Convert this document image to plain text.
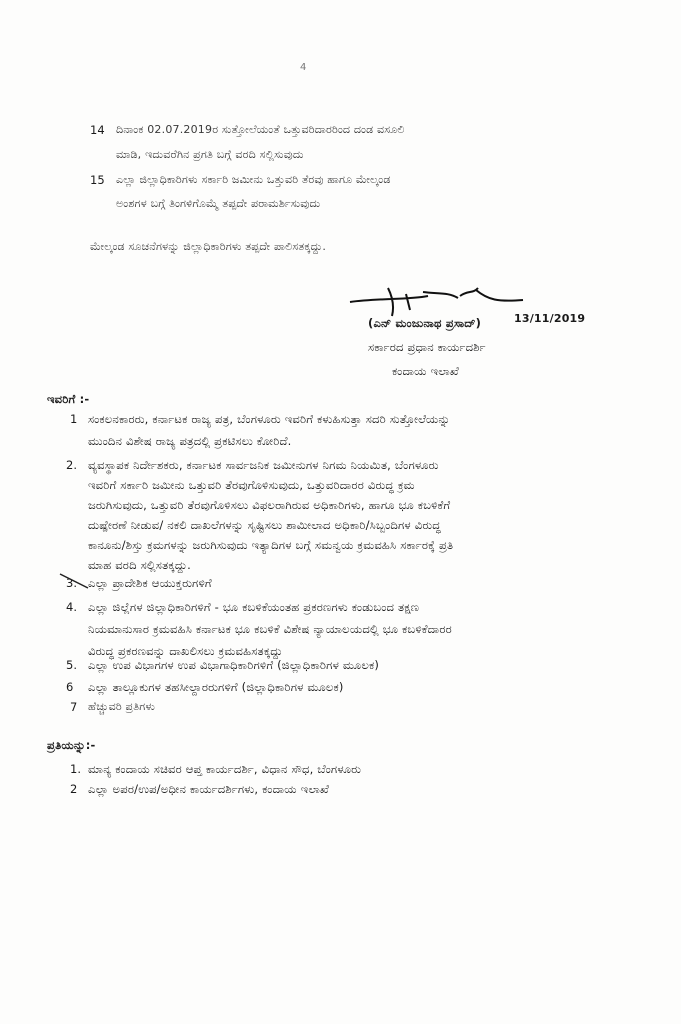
4
14 ದಿನಾಂಕ 02.07.2019ರ ಸುತ್ತೋಲೆಯಂತೆ ಒತ್ತುವರಿದಾರರಿಂದ ದಂಡ ವಸೂಲಿ
ಮಾಡಿ, ಇದುವರೆಗಿನ ಪ್ರಗತಿ ಬಗ್ಗೆ ವರದಿ ಸಲ್ಲಿಸುವುದು
15 ಎಲ್ಲಾ ಜಿಲ್ಲಾಧಿಕಾರಿಗಳು ಸರ್ಕಾರಿ ಜಮೀನು ಒತ್ತುವರಿ ತೆರವು ಹಾಗೂ ಮೇಲ್ಕಂಡ
ಅಂಶಗಳ ಬಗ್ಗೆ ತಿಂಗಳಿಗೊಮ್ಮೆ ತಪ್ಪದೇ ಪರಾಮರ್ಶಿಸುವುದು
ಮೇಲ್ಕಂಡ ಸೂಚನೆಗಳನ್ನು ಜಿಲ್ಲಾಧಿಕಾರಿಗಳು ತಪ್ಪದೇ ಪಾಲಿಸತಕ್ಕದ್ದು.
(ಎನ್ ಮಂಜುನಾಥ ಪ್ರಸಾದ್)	13/11/2019
ಸರ್ಕಾರದ ಪ್ರಧಾನ ಕಾರ್ಯದರ್ಶಿ
ಕಂದಾಯ ಇಲಾಖೆ
ಇವರಿಗೆ :-
1 ಸಂಕಲನಕಾರರು, ಕರ್ನಾಟಕ ರಾಜ್ಯ ಪತ್ರ, ಬೆಂಗಳೂರು ಇವರಿಗೆ ಕಳುಹಿಸುತ್ತಾ ಸದರಿ ಸುತ್ತೋಲೆಯನ್ನು
ಮುಂದಿನ ವಿಶೇಷ ರಾಜ್ಯ ಪತ್ರದಲ್ಲಿ ಪ್ರಕಟಿಸಲು ಕೋರಿದೆ.
2. ವ್ಯವಸ್ಥಾಪಕ ನಿರ್ದೇಶಕರು, ಕರ್ನಾಟಕ ಸಾರ್ವಜನಿಕ ಜಮೀನುಗಳ ನಿಗಮ ನಿಯಮಿತ, ಬೆಂಗಳೂರು
ಇವರಿಗೆ ಸರ್ಕಾರಿ ಜಮೀನು ಒತ್ತುವರಿ ತೆರವುಗೊಳಿಸುವುದು, ಒತ್ತುವರಿದಾರರ ವಿರುದ್ಧ ಕ್ರಮ
ಜರುಗಿಸುವುದು, ಒತ್ತುವರಿ ತೆರವುಗೊಳಿಸಲು ವಿಫಲರಾಗಿರುವ ಅಧಿಕಾರಿಗಳು, ಹಾಗೂ ಭೂ ಕಬಳಿಕೆಗೆ
ದುಷ್ಪೇರಣೆ ನೀಡುವ/ ನಕಲಿ ದಾಖಲೆಗಳನ್ನು ಸೃಷ್ಟಿಸಲು ಶಾಮೀಲಾದ ಅಧಿಕಾರಿ/ಸಿಬ್ಬಂದಿಗಳ ವಿರುದ್ಧ
ಕಾನೂನು/ಶಿಸ್ತು ಕ್ರಮಗಳನ್ನು ಜರುಗಿಸುವುದು ಇತ್ಯಾದಿಗಳ ಬಗ್ಗೆ ಸಮನ್ವಯ ಕ್ರಮವಹಿಸಿ ಸರ್ಕಾರಕ್ಕೆ ಪ್ರತಿ
ಮಾಹ ವರದಿ ಸಲ್ಲಿಸತಕ್ಕದ್ದು.
3. ಎಲ್ಲಾ ಪ್ರಾದೇಶಿಕ ಆಯುಕ್ತರುಗಳಿಗೆ
4. ಎಲ್ಲಾ ಜಿಲ್ಲೆಗಳ ಜಿಲ್ಲಾಧಿಕಾರಿಗಳಿಗೆ - ಭೂ ಕಬಳಿಕೆಯಂತಹ ಪ್ರಕರಣಗಳು ಕಂಡುಬಂದ ತಕ್ಷಣ
ನಿಯಮಾನುಸಾರ ಕ್ರಮವಹಿಸಿ ಕರ್ನಾಟಕ ಭೂ ಕಬಳಿಕೆ ವಿಶೇಷ ನ್ಯಾಯಾಲಯದಲ್ಲಿ ಭೂ ಕಬಳಿಕೆದಾರರ
ವಿರುದ್ಧ ಪ್ರಕರಣವನ್ನು ದಾಖಲಿಸಲು ಕ್ರಮವಹಿಸತಕ್ಕದ್ದು
5. ಎಲ್ಲಾ ಉಪ ವಿಭಾಗಗಳ ಉಪ ವಿಭಾಗಾಧಿಕಾರಿಗಳಿಗೆ (ಜಿಲ್ಲಾಧಿಕಾರಿಗಳ ಮೂಲಕ)
6 ಎಲ್ಲಾ ತಾಲ್ಲೂಕುಗಳ ತಹಸೀಲ್ದಾರರುಗಳಿಗೆ (ಜಿಲ್ಲಾಧಿಕಾರಿಗಳ ಮೂಲಕ)
7 ಹೆಚ್ಚುವರಿ ಪ್ರತಿಗಳು
ಪ್ರತಿಯನ್ನು:-
1. ಮಾನ್ಯ ಕಂದಾಯ ಸಚಿವರ ಆಪ್ತ ಕಾರ್ಯದರ್ಶಿ, ವಿಧಾನ ಸೌಧ, ಬೆಂಗಳೂರು
2 ಎಲ್ಲಾ ಅಪರ/ಉಪ/ಅಧೀನ ಕಾರ್ಯದರ್ಶಿಗಳು, ಕಂದಾಯ ಇಲಾಖೆ
